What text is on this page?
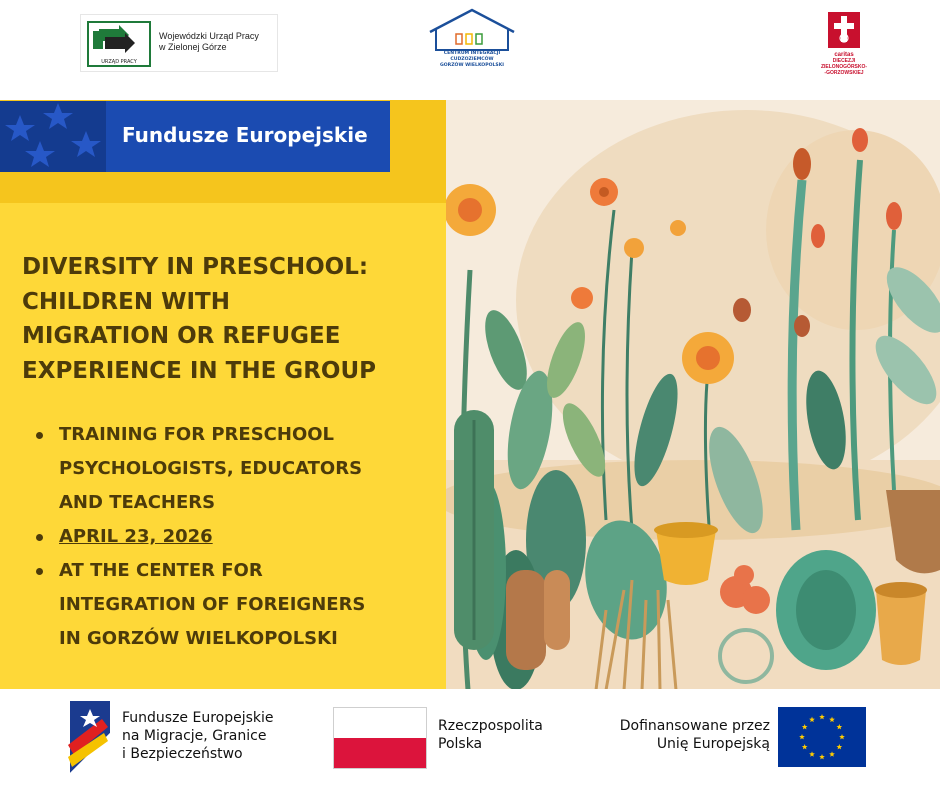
URZĄD PRACY
Wojewódzki Urząd Pracy
w Zielonej Górze
CENTRUM INTEGRACJI CUDZOZIEMCÓW
GORZÓW WIELKOPOLSKI
caritas
DIECEZJI
ZIELONOGÓRSKO-
-GORZOWSKIEJ
Fundusze Europejskie
DIVERSITY IN PRESCHOOL:
CHILDREN WITH
MIGRATION OR REFUGEE
EXPERIENCE IN THE GROUP
TRAINING FOR PRESCHOOL
PSYCHOLOGISTS, EDUCATORS
AND TEACHERS
APRIL 23, 2026
AT THE CENTER FOR
INTEGRATION OF FOREIGNERS
IN GORZÓW WIELKOPOLSKI
Fundusze Europejskie
na Migracje, Granice
i Bezpieczeństwo
Rzeczpospolita
Polska
Dofinansowane przez
Unię Europejską
